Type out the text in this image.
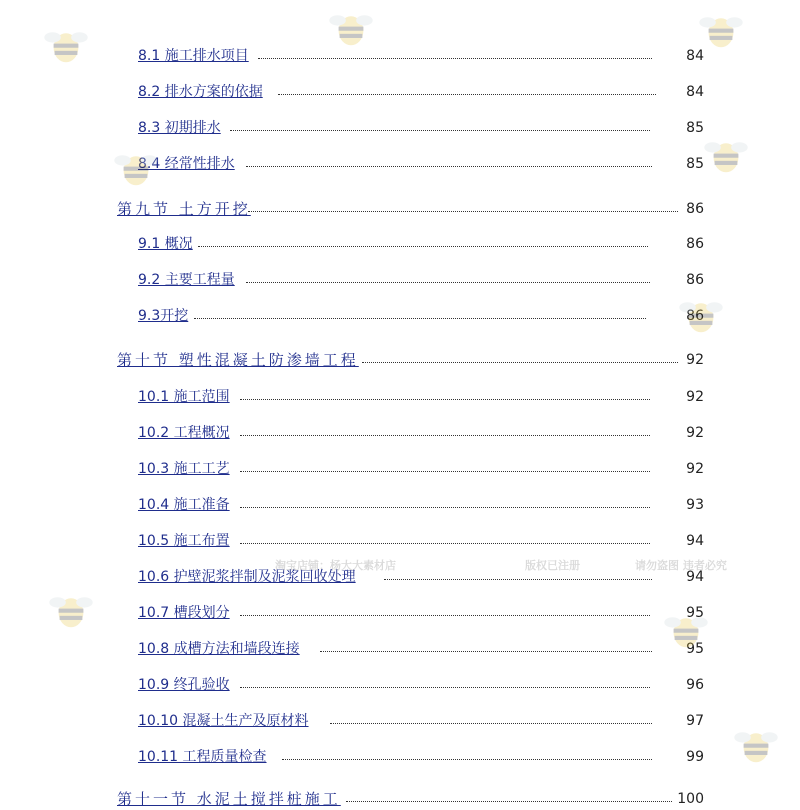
8.1 施工排水项目	84
8.2 排水方案的依据	84
8.3 初期排水	85
8.4 经常性排水	85
第九节 土方开挖	86
9.1 概况	86
9.2 主要工程量	86
9.3开挖	86
第十节 塑性混凝土防渗墙工程	92
10.1 施工范围	92
10.2 工程概况	92
10.3 施工工艺	92
10.4 施工准备	93
10.5 施工布置	94
10.6 护壁泥浆拌制及泥浆回收处理	94
10.7 槽段划分	95
10.8 成槽方法和墙段连接	95
10.9 终孔验收	96
10.10 混凝土生产及原材料	97
10.11 工程质量检查	99
第十一节 水泥土搅拌桩施工	100
淘宝店铺：杨大大素材店	版权已注册	请勿盗图 违者必究
